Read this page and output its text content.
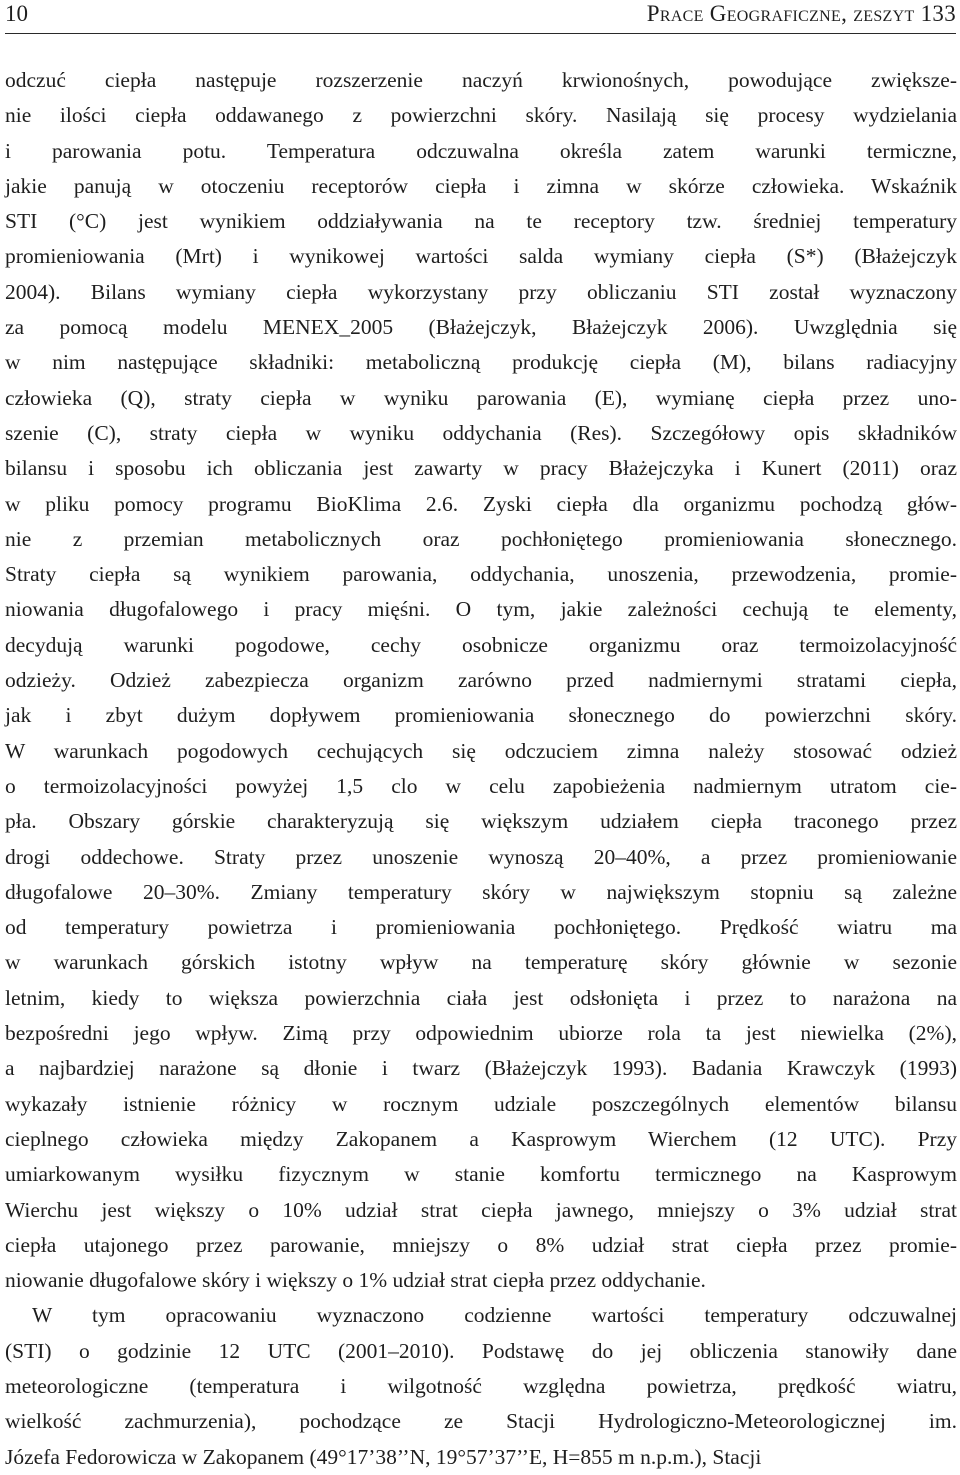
10	Prace Geograficzne, zeszyt 133
odczuć ciepła następuje rozszerzenie naczyń krwionośnych, powodujące zwiększe-
nie ilości ciepła oddawanego z powierzchni skóry. Nasilają się procesy wydzielania
i parowania potu. Temperatura odczuwalna określa zatem warunki termiczne,
jakie panują w otoczeniu receptorów ciepła i zimna w skórze człowieka. Wskaźnik
STI (°C) jest wynikiem oddziaływania na te receptory tzw. średniej temperatury
promieniowania (Mrt) i wynikowej wartości salda wymiany ciepła (S*) (Błażejczyk
2004). Bilans wymiany ciepła wykorzystany przy obliczaniu STI został wyznaczony
za pomocą modelu MENEX_2005 (Błażejczyk, Błażejczyk 2006). Uwzględnia się
w nim następujące składniki: metaboliczną produkcję ciepła (M), bilans radiacyjny
człowieka (Q), straty ciepła w wyniku parowania (E), wymianę ciepła przez uno-
szenie (C), straty ciepła w wyniku oddychania (Res). Szczegółowy opis składników
bilansu i sposobu ich obliczania jest zawarty w pracy Błażejczyka i Kunert (2011) oraz
w pliku pomocy programu BioKlima 2.6. Zyski ciepła dla organizmu pochodzą głów-
nie z przemian metabolicznych oraz pochłoniętego promieniowania słonecznego.
Straty ciepła są wynikiem parowania, oddychania, unoszenia, przewodzenia, promie-
niowania długofalowego i pracy mięśni. O tym, jakie zależności cechują te elementy,
decydują warunki pogodowe, cechy osobnicze organizmu oraz termoizolacyjność
odzieży. Odzież zabezpiecza organizm zarówno przed nadmiernymi stratami ciepła,
jak i zbyt dużym dopływem promieniowania słonecznego do powierzchni skóry.
W warunkach pogodowych cechujących się odczuciem zimna należy stosować odzież
o termoizolacyjności powyżej 1,5 clo w celu zapobieżenia nadmiernym utratom cie-
pła. Obszary górskie charakteryzują się większym udziałem ciepła traconego przez
drogi oddechowe. Straty przez unoszenie wynoszą 20–40%, a przez promieniowanie
długofalowe 20–30%. Zmiany temperatury skóry w największym stopniu są zależne
od temperatury powietrza i promieniowania pochłoniętego. Prędkość wiatru ma
w warunkach górskich istotny wpływ na temperaturę skóry głównie w sezonie
letnim, kiedy to większa powierzchnia ciała jest odsłonięta i przez to narażona na
bezpośredni jego wpływ. Zimą przy odpowiednim ubiorze rola ta jest niewielka (2%),
a najbardziej narażone są dłonie i twarz (Błażejczyk 1993). Badania Krawczyk (1993)
wykazały istnienie różnicy w rocznym udziale poszczególnych elementów bilansu
cieplnego człowieka między Zakopanem a Kasprowym Wierchem (12 UTC). Przy
umiarkowanym wysiłku fizycznym w stanie komfortu termicznego na Kasprowym
Wierchu jest większy o 10% udział strat ciepła jawnego, mniejszy o 3% udział strat
ciepła utajonego przez parowanie, mniejszy o 8% udział strat ciepła przez promie-
niowanie długofalowe skóry i większy o 1% udział strat ciepła przez oddychanie.
W tym opracowaniu wyznaczono codzienne wartości temperatury odczuwalnej
(STI) o godzinie 12 UTC (2001–2010). Podstawę do jej obliczenia stanowiły dane
meteorologiczne (temperatura i wilgotność względna powietrza, prędkość wiatru,
wielkość zachmurzenia), pochodzące ze Stacji Hydrologiczno-Meteorologicznej im.
Józefa Fedorowicza w Zakopanem (49°17’38’’N, 19°57’37’’E, H=855 m n.p.m.), Stacji
